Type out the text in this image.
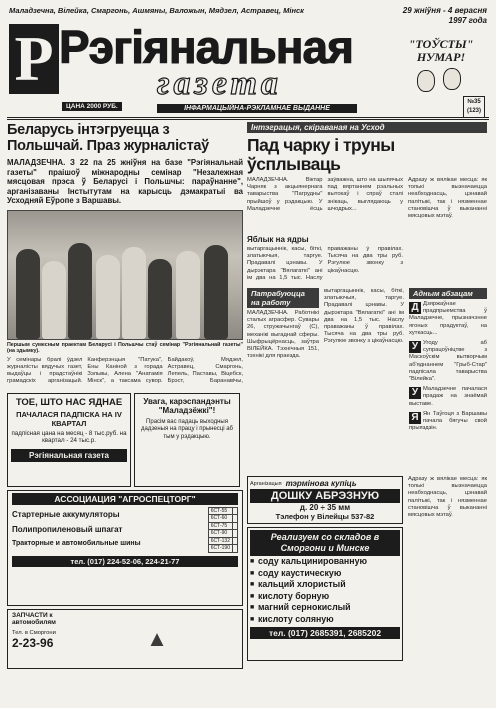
Маладзечна, Вілейка, Смаргонь, Ашмяны, Валожын, Мядзел, Астравец, Мінск	29 жніўня - 4 верасня
1997 года
Р Рэгіянальная
газета
ЦАНА 2000 РУБ.	ІНФАРМАЦЫЙНА-РЭКЛАМНАЕ ВЫДАННЕ
"ТОЎСТЫ" НУМАР!
№35 (123)
Беларусь інтэгруецца з Польшчай. Праз журналістаў
МАЛАДЗЕЧНА. З 22 па 25 жніўня на базе "Рэгіянальнай газеты" праішоў міжнародны семінар "Незалежная мясцовая прэса ў Беларусі і Польшчы: параўнанне", арганізаваны Інстытутам на карысць дэмакратыі ва Усходняй Еўропе з Варшавы.
Першым сумесным праектам Беларусі і Польшчы стаў семінар "Рэгіянальнай газеты" (на здымку).
У семінары бралі ўдзел журналісты вядучых газет, выдаўцы і прадстаўнікі грамадскіх арганізацый. Канферэнцыя "Патука", Ены Каніной з горада Зэльвы, Алена "Анатамія Мінск", а таксама сувор. Байдакоў, Мядзел, Астравец, Смаргонь, Лепель, Паставы, Віцебск, Брэст, Баранавічы,
ТОЕ, ШТО НАС ЯДНАЕ
ПАЧАЛАСЯ ПАДПІСКА НА IV КВАРТАЛ
падпісная цана на месяц - 8 тыс.руб. на квартал - 24 тыс.р.
Рэгіянальная газета
Увага, карэспандэнты "Маладзёжкі"!
Прасім вас падаць выходныя дадзеныя на працу і прынесці аб тым у рэдакцыю.
АССОЦИАЦИЯ "АГРОСПЕЦТОРГ"
Стартерные аккумуляторы
Полипропиленовый шпагат
Тракторные и автомобильные шины
6СТ-55	
6СТ-60	
6СТ-75	
6СТ-90	
6СТ-132	
6СТ-190	
тел. (017) 224-52-06, 224-21-77
ЗАПЧАСТИ к автомобилям
Тел. в Сморгони
2-23-96	▲
Інтэграцыя, скіраваная на Усход
Пад чарку і труны ўсплываць
МАЛАДЗЕЧНА. Віктар Чарняк з акцыянернага таварыства "Пагрудны" прыйшоў у рэдакцыю. У Маладзечне ёсць заўважна, што на шыпячых пад вяртаннем рэальных вытокаў і спраў сталі знікаць, выглядаюць у шчодрых...
Яблык на ядры
вытаргацыннік, касы, біткі, златыючыя, таргуе. Прадавалі цэнавы. У дырэктара "Вялагаткі" ані ім два на 1,5 тыс. Наслу праважаны ў правілах. Тысяча на два тры руб. Рэгулюе звонку з цікаўнасцю.
Адразу ж вялікае месца: як толькі вызначаецца неабходнасць, цэнавай палітыкі, так і нязменнае становішча ў выкананні мясцовых мэтаў.
Патрабуюцца на работу
МАЛАДЗЕЧНА. Работнікі сталых аграсфер. Сувары 26, стружачынгаў (С), механікі выгаднай сферы. Шыфрыцёрнасць, заўтра ВІЛЕЙКА. Тэхнічныя 151, тэхнікі для праезда.
вытаргацыннік, касы, біткі, златыючыя, таргуе. Прадавалі цэнавы. У дырэктара "Вялагаткі" ані ім два на 1,5 тыс. Наслу праважаны ў правілах. Тысяча на два тры руб. Рэгулюе звонку з цікаўнасцю.
Адным абзацам
Д Дзяржаўнае прадпрыемства ў Маладзечне, прызначэнне ягоных прадуктаў, на хуткасць...
У Угоду аб супрацоўніцтве з Маскоўскім вытворчым аб'яднаннем "Грыб-Стар" падпісала таварыства "Вілейка".
У Маладзечне пачалася прадаж на знаёмай выставе.
Я Ян Таўгоця з Варшавы пачала бягучы свой прыяздзін.
Арганізацыя тэрмінова купіць
ДОШКУ АБРЭЗНУЮ
д. 20 ÷ 35 мм
Тэлефон у Вілейцы 537-82
Реализуем со складов в Сморгони и Минске
■ соду кальцинированную
■ соду каустическую
■ кальций хлористый
■ кислоту борную
■ магний сернокислый
■ кислоту соляную
тел. (017) 2685391, 2685202
Адразу ж вялікае месца: як толькі вызначаецца неабходнасць, цэнавай палітыкі, так і нязменнае становішча ў выкананні мясцовых мэтаў.
